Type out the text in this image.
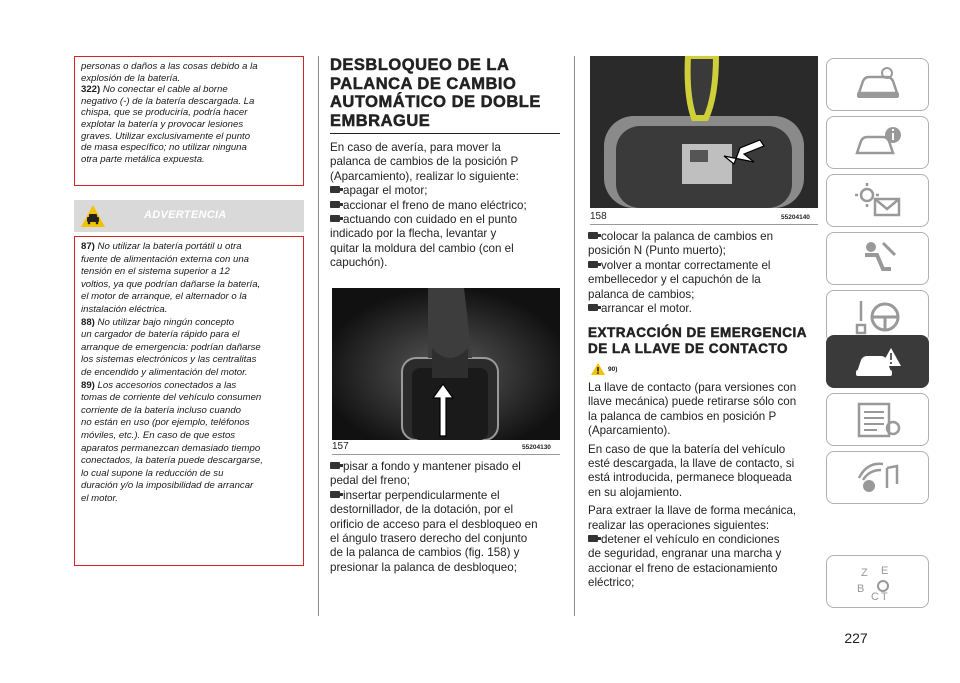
personas o daños a las cosas debido a la

explosión de la batería.

322) No conectar el cable al borne

negativo (-) de la batería descargada. La

chispa, que se produciría, podría hacer

explotar la batería y provocar lesiones

graves. Utilizar exclusivamente el punto

de masa específico; no utilizar ninguna

otra parte metálica expuesta.

ADVERTENCIA

87) No utilizar la batería portátil u otra

fuente de alimentación externa con una

tensión en el sistema superior a 12

voltios, ya que podrían dañarse la batería,

el motor de arranque, el alternador o la

instalación eléctrica.

88) No utilizar bajo ningún concepto

un cargador de batería rápido para el

arranque de emergencia: podrían dañarse

los sistemas electrónicos y las centralitas

de encendido y alimentación del motor.

89) Los accesorios conectados a las

tomas de corriente del vehículo consumen

corriente de la batería incluso cuando

no están en uso (por ejemplo, teléfonos

móviles, etc.). En caso de que estos

aparatos permanezcan demasiado tiempo

conectados, la batería puede descargarse,

lo cual supone la reducción de su

duración y/o la imposibilidad de arrancar

el motor.

DESBLOQUEO DE LA
PALANCA DE CAMBIO
AUTOMÁTICO DE DOBLE
EMBRAGUE

En caso de avería, para mover la

palanca de cambios de la posición P

(Aparcamiento), realizar lo siguiente:

apagar el motor;

accionar el freno de mano eléctrico;

actuando con cuidado en el punto

indicado por la flecha, levantar y

quitar la moldura del cambio (con el

capuchón).

157	55204130

pisar a fondo y mantener pisado el

pedal del freno;

insertar perpendicularmente el

destornillador, de la dotación, por el

orificio de acceso para el desbloqueo en

el ángulo trasero derecho del conjunto

de la palanca de cambios (fig. 158) y

presionar la palanca de desbloqueo;

158	55204140

colocar la palanca de cambios en

posición N (Punto muerto);

volver a montar correctamente el

embellecedor y el capuchón de la

palanca de cambios;

arrancar el motor.

EXTRACCIÓN DE EMERGENCIA
DE LA LLAVE DE CONTACTO
90)

La llave de contacto (para versiones con

llave mecánica) puede retirarse sólo con

la palanca de cambios en posición P

(Aparcamiento).

En caso de que la batería del vehículo

esté descargada, la llave de contacto, si

está introducida, permanece bloqueada

en su alojamiento.

Para extraer la llave de forma mecánica,

realizar las operaciones siguientes:

detener el vehículo en condiciones

de seguridad, engranar una marcha y

accionar el freno de estacionamiento

eléctrico;

Z E
B
C T
227
